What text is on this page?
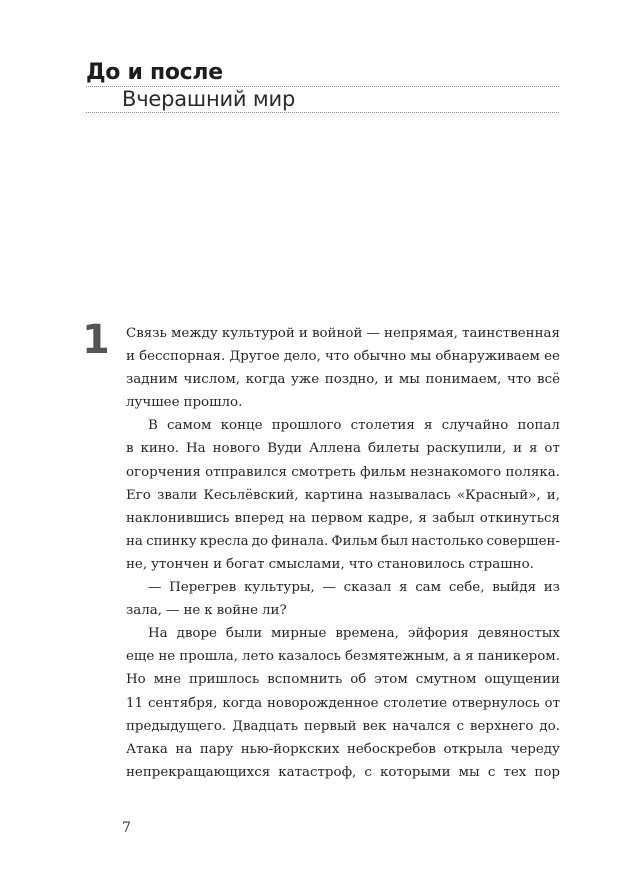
До и после
Вчерашний мир
1 Связь между культурой и войной — непрямая, таинственная
и бесспорная. Другое дело, что обычно мы обнаруживаем ее
задним числом, когда уже поздно, и мы понимаем, что всё
лучшее прошло.
В самом конце прошлого столетия я случайно попал
в кино. На нового Вуди Аллена билеты раскупили, и я от
огорчения отправился смотреть фильм незнакомого поляка.
Его звали Кесьлёвский, картина называлась «Красный», и,
наклонившись вперед на первом кадре, я забыл откинуться
на спинку кресла до финала. Фильм был настолько совершен-
не, утончен и богат смыслами, что становилось страшно.
— Перегрев культуры, — сказал я сам себе, выйдя из
зала, — не к войне ли?
На дворе были мирные времена, эйфория девяностых
еще не прошла, лето казалось безмятежным, а я паникером.
Но мне пришлось вспомнить об этом смутном ощущении
11 сентября, когда новорожденное столетие отвернулось от
предыдущего. Двадцать первый век начался с верхнего до.
Атака на пару нью-йоркских небоскребов открыла череду
непрекращающихся катастроф, с которыми мы с тех пор
7
